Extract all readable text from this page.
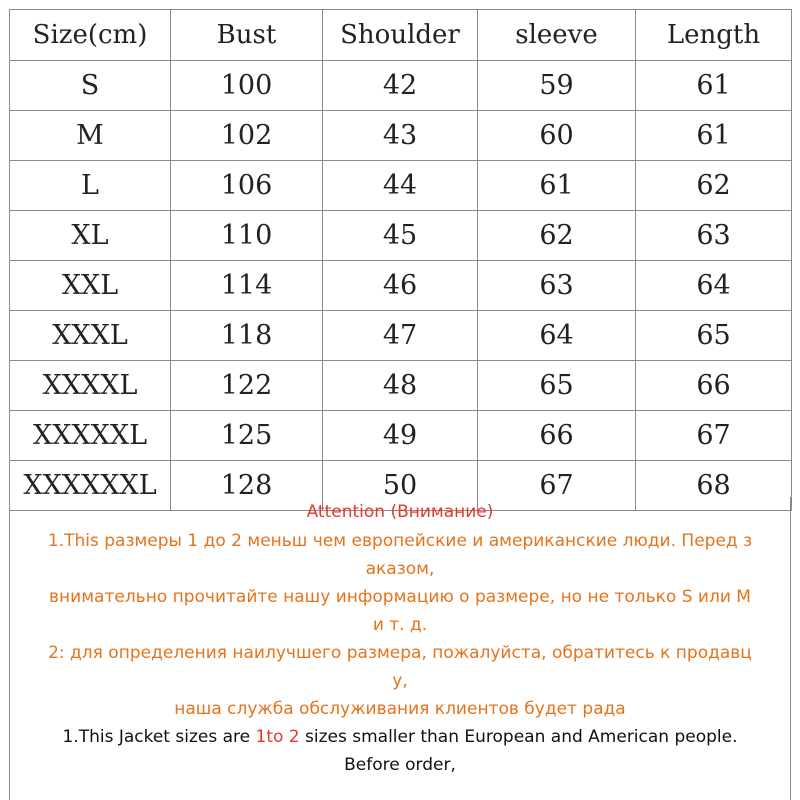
Size(cm)	Bust	Shoulder	sleeve	Length
S	100	42	59	61
M	102	43	60	61
L	106	44	61	62
XL	110	45	62	63
XXL	114	46	63	64
XXXL	118	47	64	65
XXXXL	122	48	65	66
XXXXXL	125	49	66	67
XXXXXXL	128	50	67	68
Attention (Внимание)
1.This размеры 1 до 2 меньш чем европейские и американские люди. Перед з
аказом,
внимательно прочитайте нашу информацию о размере, но не только S или M
и т. д.
2: для определения наилучшего размера, пожалуйста, обратитесь к продавц
у,
наша служба обслуживания клиентов будет рада
1.This Jacket sizes are 1to 2 sizes smaller than European and American people.
Before order,
